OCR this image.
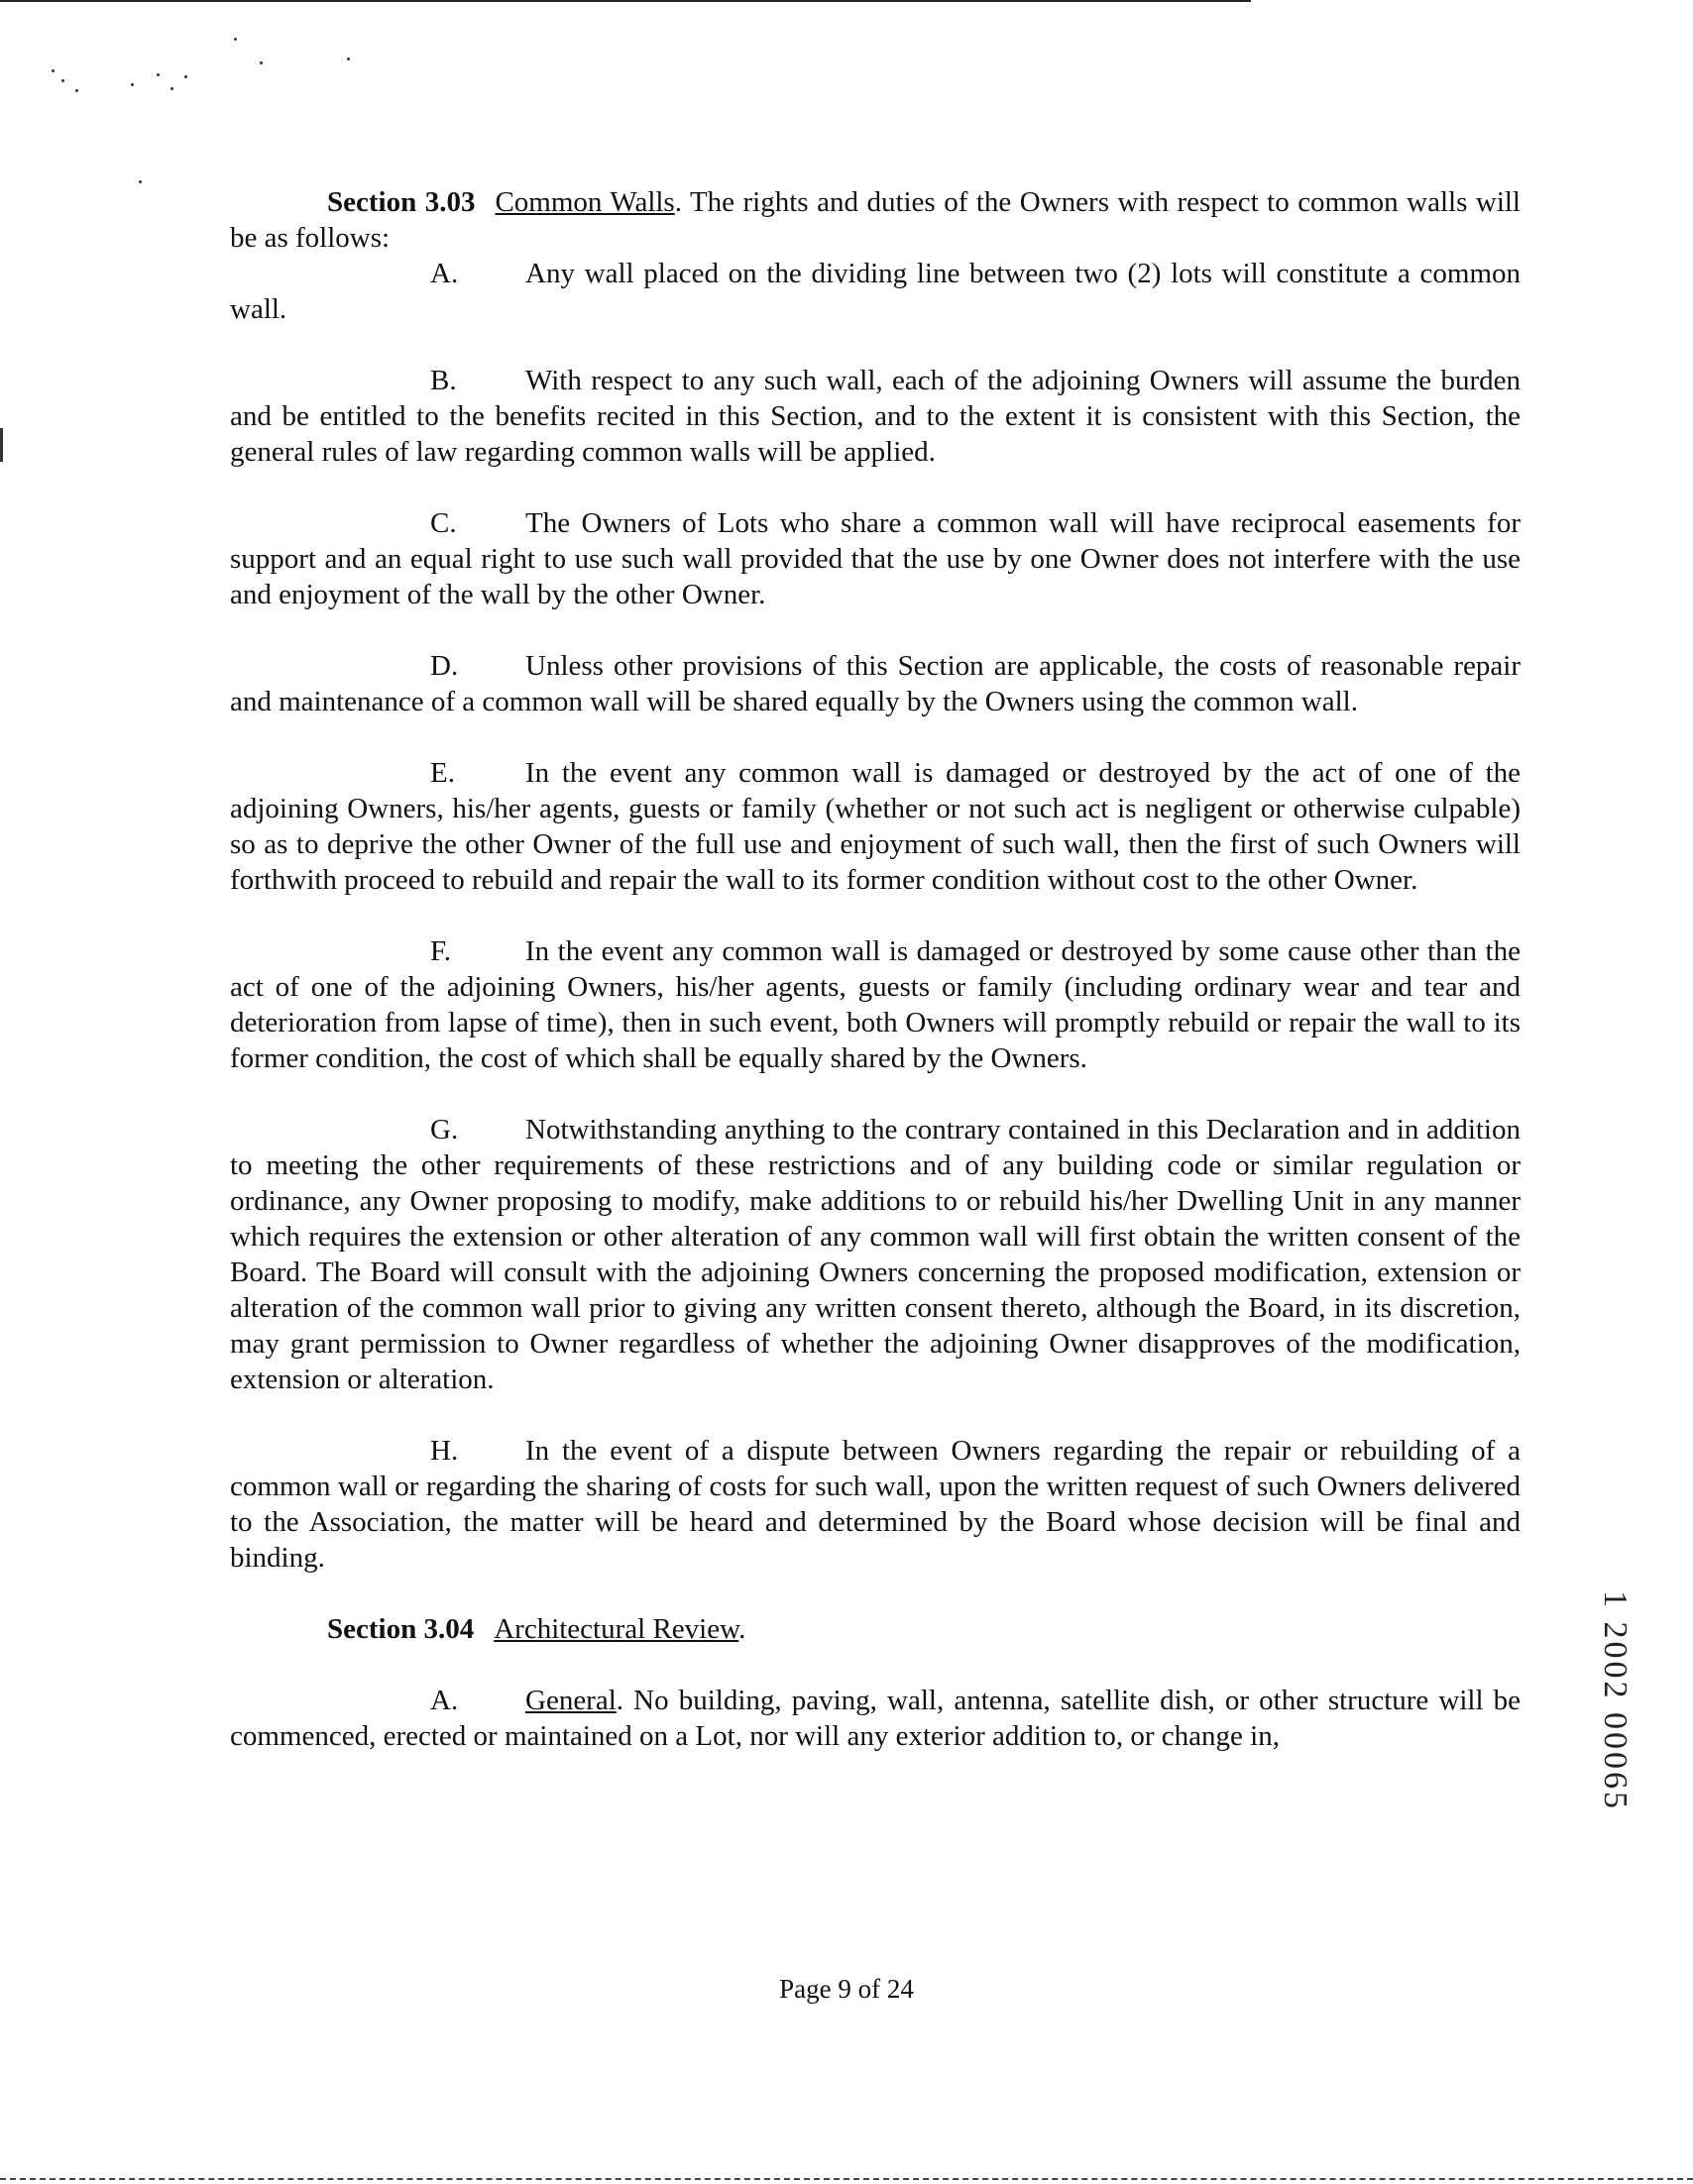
Section 3.03 Common Walls. The rights and duties of the Owners with respect to common walls will be as follows:

A. Any wall placed on the dividing line between two (2) lots will constitute a common wall.

B. With respect to any such wall, each of the adjoining Owners will assume the burden and be entitled to the benefits recited in this Section, and to the extent it is consistent with this Section, the general rules of law regarding common walls will be applied.

C. The Owners of Lots who share a common wall will have reciprocal easements for support and an equal right to use such wall provided that the use by one Owner does not interfere with the use and enjoyment of the wall by the other Owner.

D. Unless other provisions of this Section are applicable, the costs of reasonable repair and maintenance of a common wall will be shared equally by the Owners using the common wall.

E. In the event any common wall is damaged or destroyed by the act of one of the adjoining Owners, his/her agents, guests or family (whether or not such act is negligent or otherwise culpable) so as to deprive the other Owner of the full use and enjoyment of such wall, then the first of such Owners will forthwith proceed to rebuild and repair the wall to its former condition without cost to the other Owner.

F.	In the event any common wall is damaged or destroyed by some cause other than the act of one of the adjoining Owners, his/her agents, guests or family (including ordinary wear and tear and deterioration from lapse of time), then in such event, both Owners will promptly rebuild or repair the wall to its former condition, the cost of which shall be equally shared by the Owners.

G. Notwithstanding anything to the contrary contained in this Declaration and in addition to meeting the other requirements of these restrictions and of any building code or similar regulation or ordinance, any Owner proposing to modify, make additions to or rebuild his/her Dwelling Unit in any manner which requires the extension or other alteration of any common wall will first obtain the written consent of the Board. The Board will consult with the adjoining Owners concerning the proposed modification, extension or alteration of the common wall prior to giving any written consent thereto, although the Board, in its discretion, may grant permission to Owner regardless of whether the adjoining Owner disapproves of the modification, extension or alteration.

H. In the event of a dispute between Owners regarding the repair or rebuilding of a common wall or regarding the sharing of costs for such wall, upon the written request of such Owners delivered to the Association, the matter will be heard and determined by the Board whose decision will be final and binding.

Section 3.04 Architectural Review.

A. General. No building, paving, wall, antenna, satellite dish, or other structure will be commenced, erected or maintained on a Lot, nor will any exterior addition to, or change in,

Page 9 of 24
1 2002 00065
